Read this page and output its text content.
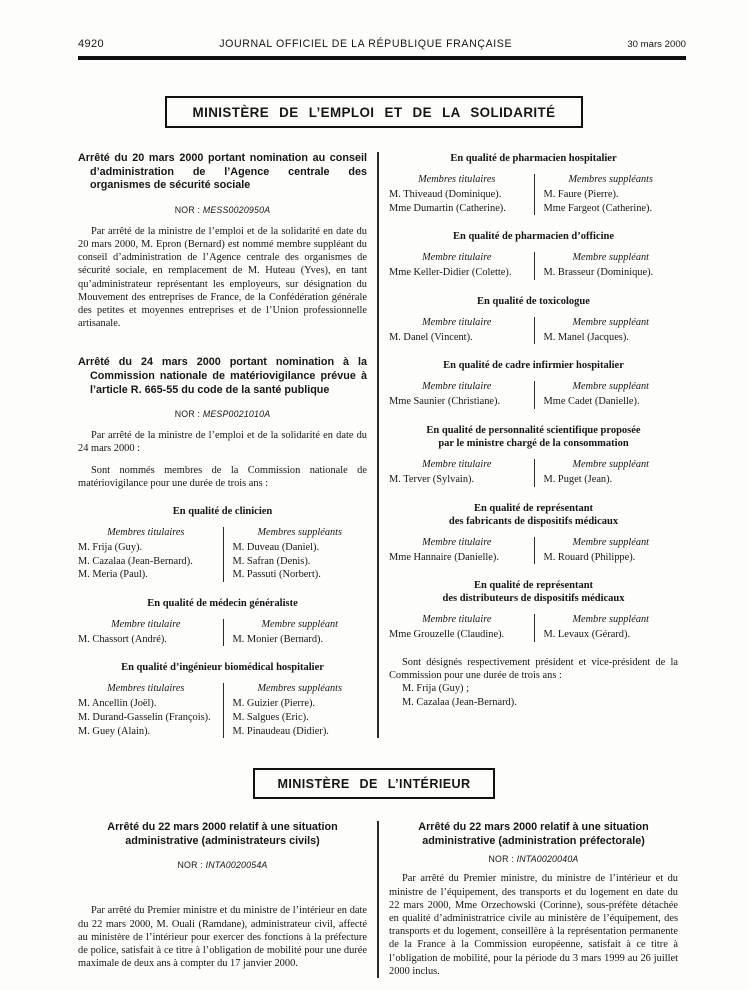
4920	JOURNAL OFFICIEL DE LA RÉPUBLIQUE FRANÇAISE	30 mars 2000
MINISTÈRE DE L’EMPLOI ET DE LA SOLIDARITÉ
Arrêté du 20 mars 2000 portant nomination au conseil d’administration de l’Agence centrale des organismes de sécurité sociale
NOR : MESS0020950A
Par arrêté de la ministre de l’emploi et de la solidarité en date du 20 mars 2000, M. Epron (Bernard) est nommé membre suppléant du conseil d’administration de l’Agence centrale des organismes de sécurité sociale, en remplacement de M. Huteau (Yves), en tant qu’administrateur représentant les employeurs, sur désignation du Mouvement des entreprises de France, de la Confédération générale des petites et moyennes entreprises et de l’Union professionnelle artisanale.
Arrêté du 24 mars 2000 portant nomination à la Commission nationale de matériovigilance prévue à l’article R. 665-55 du code de la santé publique
NOR : MESP0021010A
Par arrêté de la ministre de l’emploi et de la solidarité en date du 24 mars 2000 :
Sont nommés membres de la Commission nationale de matériovigilance pour une durée de trois ans :
En qualité de clinicien
Membres titulaires
M. Frija (Guy).
M. Cazalaa (Jean-Bernard).
M. Meria (Paul).
Membres suppléants
M. Duveau (Daniel).
M. Safran (Denis).
M. Passuti (Norbert).
En qualité de médecin généraliste
Membre titulaire
M. Chassort (André).
Membre suppléant
M. Monier (Bernard).
En qualité d’ingénieur biomédical hospitalier
Membres titulaires
M. Ancellin (Joël).
M. Durand-Gasselin (François).
M. Guey (Alain).
Membres suppléants
M. Guizier (Pierre).
M. Salgues (Eric).
M. Pinaudeau (Didier).
En qualité de pharmacien hospitalier
Membres titulaires
M. Thiveaud (Dominique).
Mme Dumartin (Catherine).
Membres suppléants
M. Faure (Pierre).
Mme Fargeot (Catherine).
En qualité de pharmacien d’officine
Membre titulaire
Mme Keller-Didier (Colette).
Membre suppléant
M. Brasseur (Dominique).
En qualité de toxicologue
Membre titulaire
M. Danel (Vincent).
Membre suppléant
M. Manel (Jacques).
En qualité de cadre infirmier hospitalier
Membre titulaire
Mme Saunier (Christiane).
Membre suppléant
Mme Cadet (Danielle).
En qualité de personnalité scientifique proposée
par le ministre chargé de la consommation
Membre titulaire
M. Terver (Sylvain).
Membre suppléant
M. Puget (Jean).
En qualité de représentant
des fabricants de dispositifs médicaux
Membre titulaire
Mme Hannaire (Danielle).
Membre suppléant
M. Rouard (Philippe).
En qualité de représentant
des distributeurs de dispositifs médicaux
Membre titulaire
Mme Grouzelle (Claudine).
Membre suppléant
M. Levaux (Gérard).
Sont désignés respectivement président et vice-président de la Commission pour une durée de trois ans :
M. Frija (Guy) ;
M. Cazalaa (Jean-Bernard).
MINISTÈRE DE L’INTÉRIEUR
Arrêté du 22 mars 2000 relatif à une situation administrative (administrateurs civils)
NOR : INTA0020054A
Par arrêté du Premier ministre et du ministre de l’intérieur en date du 22 mars 2000, M. Ouali (Ramdane), administrateur civil, affecté au ministère de l’intérieur pour exercer des fonctions à la préfecture de police, satisfait à ce titre à l’obligation de mobilité pour une durée maximale de deux ans à compter du 17 janvier 2000.
Arrêté du 22 mars 2000 relatif à une situation administrative (administration préfectorale)
NOR : INTA0020040A
Par arrêté du Premier ministre, du ministre de l’intérieur et du ministre de l’équipement, des transports et du logement en date du 22 mars 2000, Mme Orzechowski (Corinne), sous-préfète détachée en qualité d’administratrice civile au ministère de l’équipement, des transports et du logement, conseillère à la représentation permanente de la France à la Commission européenne, satisfait à ce titre à l’obligation de mobilité, pour la période du 3 mars 1999 au 26 juillet 2000 inclus.
